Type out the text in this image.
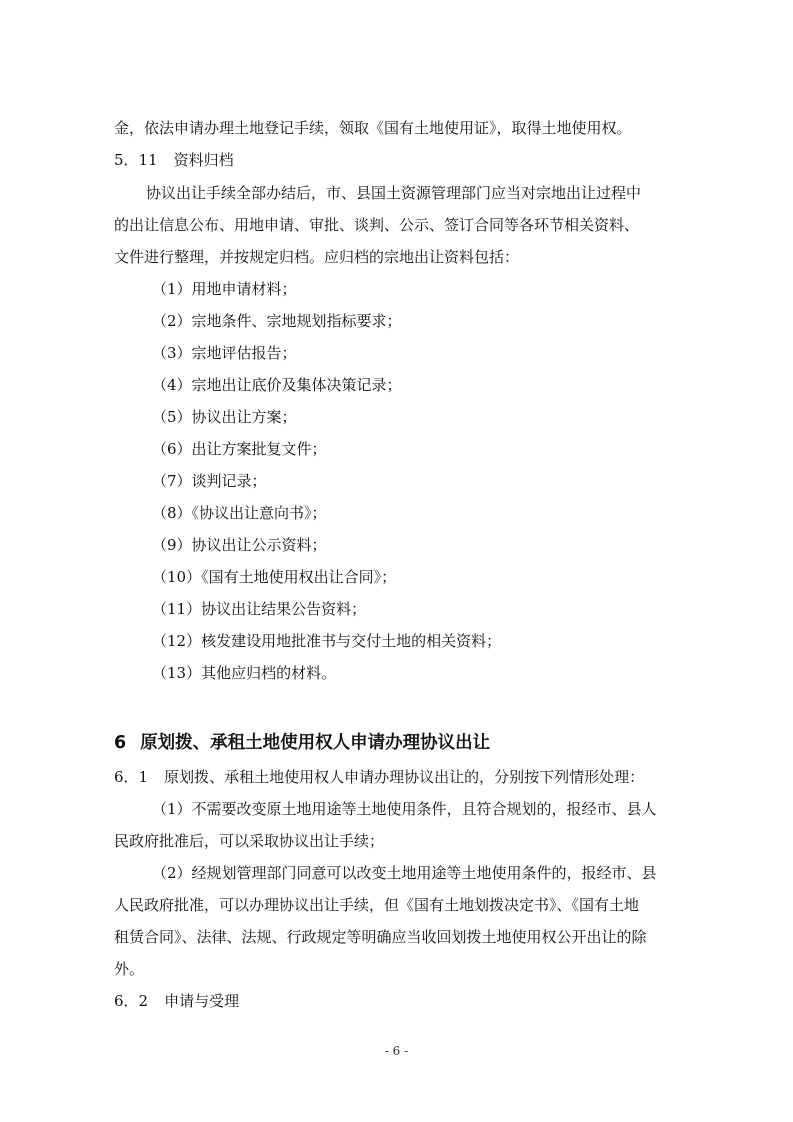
金，依法申请办理土地登记手续，领取《国有土地使用证》，取得土地使用权。
5．11 资料归档
协议出让手续全部办结后，市、县国土资源管理部门应当对宗地出让过程中
的出让信息公布、用地申请、审批、谈判、公示、签订合同等各环节相关资料、
文件进行整理，并按规定归档。应归档的宗地出让资料包括：
（1）用地申请材料；
（2）宗地条件、宗地规划指标要求；
（3）宗地评估报告；
（4）宗地出让底价及集体决策记录；
（5）协议出让方案；
（6）出让方案批复文件；
（7）谈判记录；
（8）《协议出让意向书》；
（9）协议出让公示资料；
（10）《国有土地使用权出让合同》；
（11）协议出让结果公告资料；
（12）核发建设用地批准书与交付土地的相关资料；
（13）其他应归档的材料。
6 原划拨、承租土地使用权人申请办理协议出让
6．1 原划拨、承租土地使用权人申请办理协议出让的，分别按下列情形处理：
（1）不需要改变原土地用途等土地使用条件，且符合规划的，报经市、县人
民政府批准后，可以采取协议出让手续；
（2）经规划管理部门同意可以改变土地用途等土地使用条件的，报经市、县
人民政府批准，可以办理协议出让手续，但《国有土地划拨决定书》、《国有土地
租赁合同》、法律、法规、行政规定等明确应当收回划拨土地使用权公开出让的除
外。
6．2 申请与受理
- 6 -
